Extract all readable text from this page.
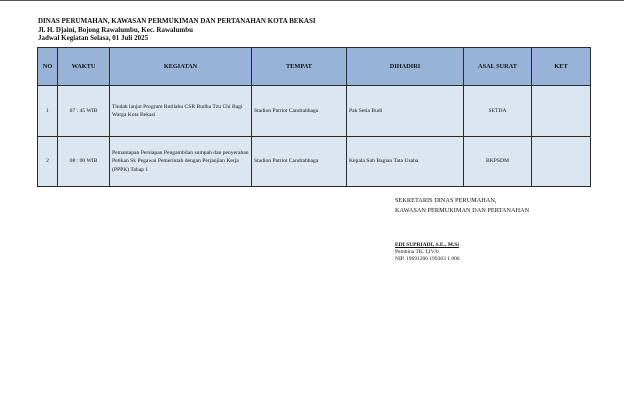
DINAS PERUMAHAN, KAWASAN PERMUKIMAN DAN PERTANAHAN KOTA BEKASI
Jl. H. Djaini, Bojong Rawalumbu, Kec. Rawalumbu
Jadwal Kegiatan Selasa, 01 Juli 2025
NO	WAKTU	KEGIATAN	TEMPAT	DIHADIRI	ASAL SURAT	KET
1	07 : 45 WIB	Tindak lanjut Program Rutilahu CSR Budha Tzu Chi Bagi Warga Kota Bekasi	Stadion Patriot Candrabhaga	Pak Setia Budi	SETDA	
2	08 : 00 WIB	Pemantapan Persiapan Pengambilan sumpah dan penyerahan Petikan Sk Pegawai Pemerintah dengan Perjanjian Kerja (PPPK) Tahap 1	Stadion Patriot Candrabhaga	Kepala Sub Bagian Tata Usaha	BKPSDM	
SEKRETARIS DINAS PERUMAHAN,
KAWASAN PERMUKIMAN DAN PERTANAHAN
EDI SUPRIADI, S.E., M.Si
Pembina TK. I,IV/b
NIP. 19691206 199303 1 006
